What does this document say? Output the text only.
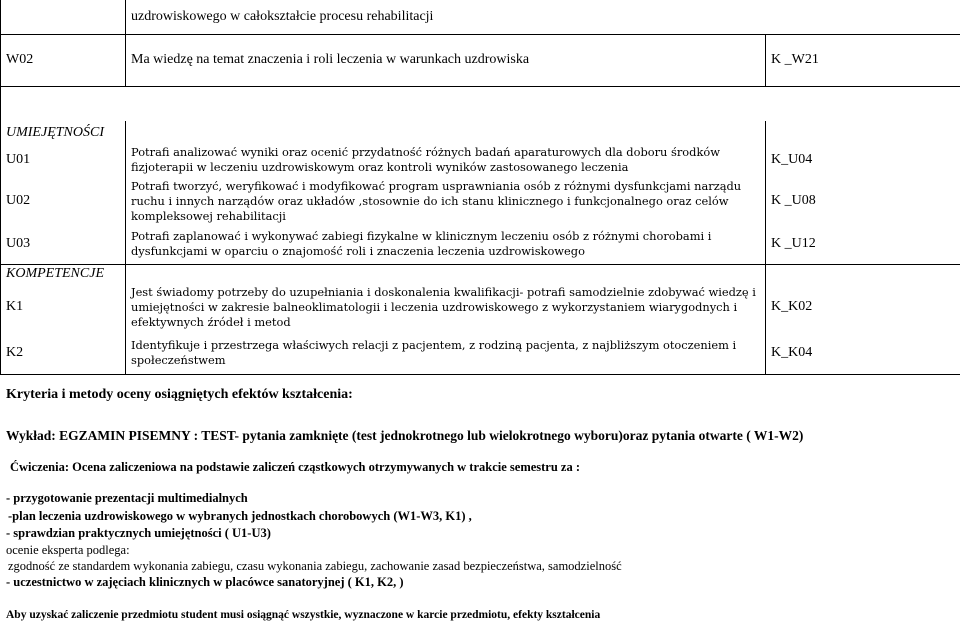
	uzdrowiskowego w całokształcie procesu rehabilitacji	
W02	Ma wiedzę na temat znaczenia i roli leczenia w warunkach uzdrowiska	K _W21

UMIEJĘTNOŚCI		
U01	Potrafi analizować wyniki oraz ocenić przydatność różnych badań aparaturowych dla doboru środków fizjoterapii w leczeniu uzdrowiskowym oraz kontroli wyników zastosowanego leczenia	K_U04
U02	Potrafi tworzyć, weryfikować i modyfikować program usprawniania osób z różnymi dysfunkcjami narządu ruchu i innych narządów oraz układów ,stosownie do ich stanu klinicznego i funkcjonalnego oraz celów kompleksowej rehabilitacji	K _U08
U03	Potrafi zaplanować i wykonywać zabiegi fizykalne w klinicznym leczeniu osób z różnymi chorobami i dysfunkcjami w oparciu o znajomość roli i znaczenia leczenia uzdrowiskowego	K _U12
KOMPETENCJE		
K1	Jest świadomy potrzeby do uzupełniania i doskonalenia kwalifikacji- potrafi samodzielnie zdobywać wiedzę i umiejętności w zakresie balneoklimatologii i leczenia uzdrowiskowego z wykorzystaniem wiarygodnych i efektywnych źródeł i metod	K_K02
K2	Identyfikuje i przestrzega właściwych relacji z pacjentem, z rodziną pacjenta, z najbliższym otoczeniem i społeczeństwem	K_K04
Kryteria i metody oceny osiągniętych efektów kształcenia:
Wykład: EGZAMIN PISEMNY : TEST- pytania zamknięte (test jednokrotnego lub wielokrotnego wyboru)oraz pytania otwarte ( W1-W2)
Ćwiczenia: Ocena zaliczeniowa na podstawie zaliczeń cząstkowych otrzymywanych w trakcie semestru za :
- przygotowanie prezentacji multimedialnych
-plan leczenia uzdrowiskowego w wybranych jednostkach chorobowych (W1-W3, K1) ,
- sprawdzian praktycznych umiejętności ( U1-U3)
ocenie eksperta podlega:
zgodność ze standardem wykonania zabiegu, czasu wykonania zabiegu, zachowanie zasad bezpieczeństwa, samodzielność
- uczestnictwo w zajęciach klinicznych w placówce sanatoryjnej ( K1, K2, )
Aby uzyskać zaliczenie przedmiotu student musi osiągnąć wszystkie, wyznaczone w karcie przedmiotu, efekty kształcenia
